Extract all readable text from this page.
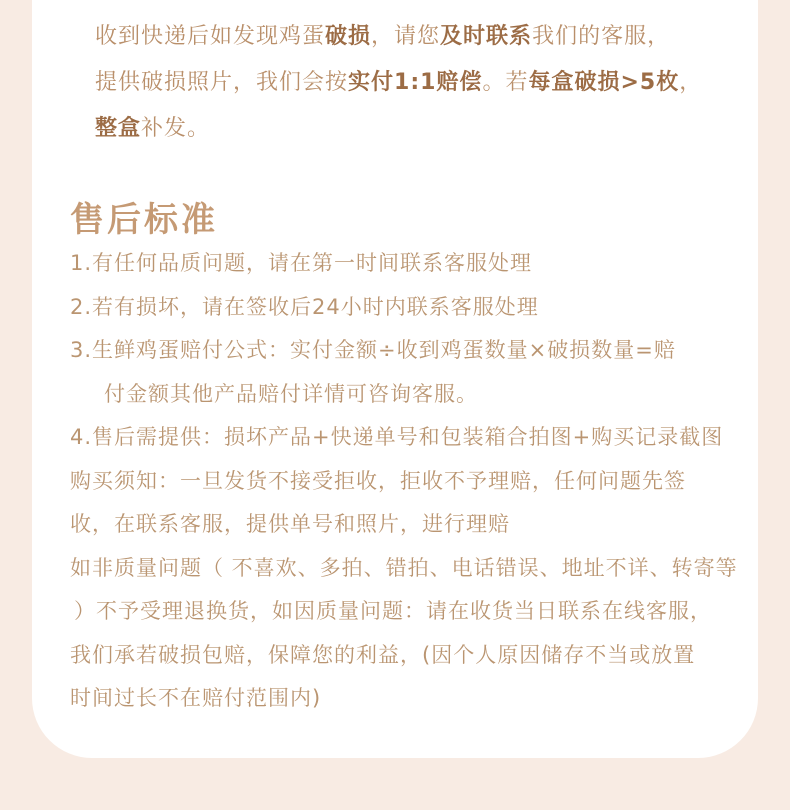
收到快递后如发现鸡蛋破损，请您及时联系我们的客服，
提供破损照片，我们会按实付1:1赔偿。若每盒破损>5枚，
整盒补发。
售后标准
1.有任何品质问题，请在第一时间联系客服处理
2.若有损坏，请在签收后24小时内联系客服处理
3.生鲜鸡蛋赔付公式：实付金额÷收到鸡蛋数量×破损数量=赔
付金额其他产品赔付详情可咨询客服。
4.售后需提供：损坏产品+快递单号和包装箱合拍图+购买记录截图
购买须知：一旦发货不接受拒收，拒收不予理赔，任何问题先签
收，在联系客服，提供单号和照片，进行理赔
如非质量问题（ 不喜欢、多拍、错拍、电话错误、地址不详、转寄等
）不予受理退换货，如因质量问题：请在收货当日联系在线客服，
我们承若破损包赔，保障您的利益，(因个人原因储存不当或放置
时间过长不在赔付范围内)
